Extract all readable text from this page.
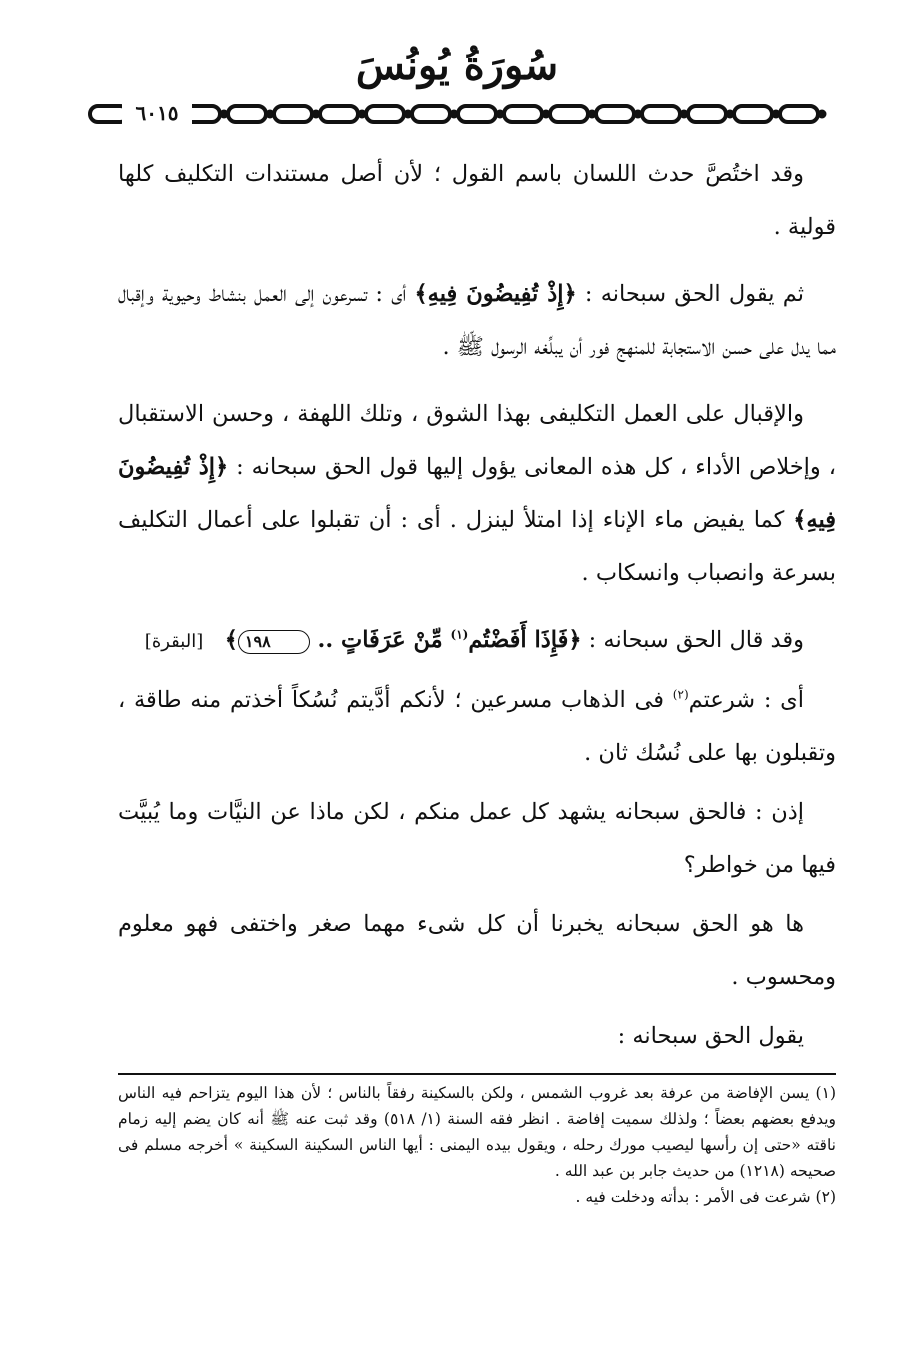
سُورَةُ يُونُسَ
٦٠١٥

وقد اختُصَّ حدث اللسان باسم القول ؛ لأن أصل مستندات التكليف كلها قولية .

ثم يقول الحق سبحانه : ﴿إِذْ تُفِيضُونَ فِيهِ﴾ أى : تسرعون إلى العمل بنشاط وحيوية وإقبال مما يدل على حسن الاستجابة للمنهج فور أن يبلِّغه الرسول ﷺ .

والإقبال على العمل التكليفى بهذا الشوق ، وتلك اللهفة ، وحسن الاستقبال ، وإخلاص الأداء ، كل هذه المعانى يؤول إليها قول الحق سبحانه : ﴿إِذْ تُفِيضُونَ فِيهِ﴾ كما يفيض ماء الإناء إذا امتلأ لينزل . أى : أن تقبلوا على أعمال التكليف بسرعة وانصباب وانسكاب .

وقد قال الحق سبحانه : ﴿فَإِذَا أَفَضْتُم$^{(١)}$ مِّنْ عَرَفَاتٍ .. ١٩٨﴾   [البقرة]

أى : شرعتم$^{(٢)}$ فى الذهاب مسرعين ؛ لأنكم أدَّيتم نُسُكاً أخذتم منه طاقة ، وتقبلون بها على نُسُك ثان .

إذن : فالحق سبحانه يشهد كل عمل منكم ، لكن ماذا عن النيَّات وما يُبيَّت فيها من خواطر؟

ها هو الحق سبحانه يخبرنا أن كل شىء مهما صغر واختفى فهو معلوم ومحسوب .

يقول الحق سبحانه :

(١) يسن الإفاضة من عرفة بعد غروب الشمس ، ولكن بالسكينة رفقاً بالناس ؛ لأن هذا اليوم يتزاحم فيه الناس ويدفع بعضهم بعضاً ؛ ولذلك سميت إفاضة . انظر فقه السنة (١/ ٥١٨) وقد ثبت عنه ﷺ أنه كان يضم إليه زمام ناقته «حتى إن رأسها ليصيب مورك رحله ، ويقول بيده اليمنى : أيها الناس السكينة السكينة » أخرجه مسلم فى صحيحه (١٢١٨) من حديث جابر بن عبد الله .

(٢) شرعت فى الأمر : بدأته ودخلت فيه .
